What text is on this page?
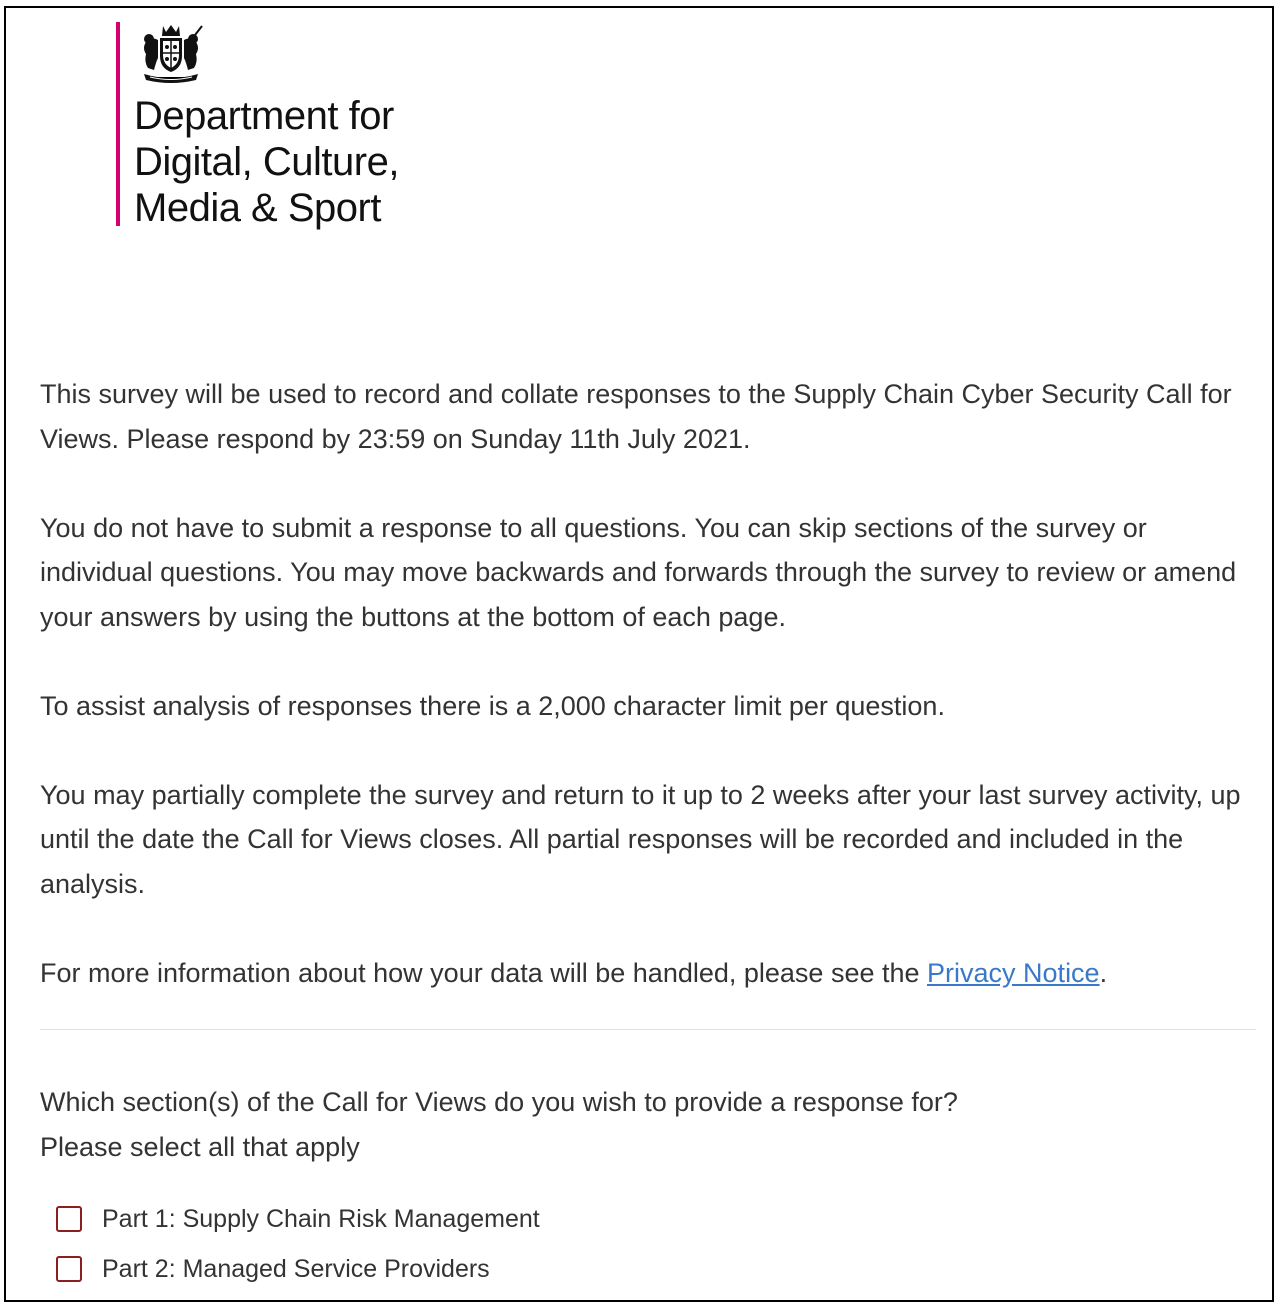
Department for
Digital, Culture,
Media & Sport

This survey will be used to record and collate responses to the Supply Chain Cyber Security Call for Views. Please respond by 23:59 on Sunday 11th July 2021.

You do not have to submit a response to all questions. You can skip sections of the survey or individual questions. You may move backwards and forwards through the survey to review or amend your answers by using the buttons at the bottom of each page.

To assist analysis of responses there is a 2,000 character limit per question.

You may partially complete the survey and return to it up to 2 weeks after your last survey activity, up until the date the Call for Views closes. All partial responses will be recorded and included in the analysis.

For more information about how your data will be handled, please see the Privacy Notice.

Which section(s) of the Call for Views do you wish to provide a response for?
Please select all that apply
Part 1: Supply Chain Risk Management
Part 2: Managed Service Providers
